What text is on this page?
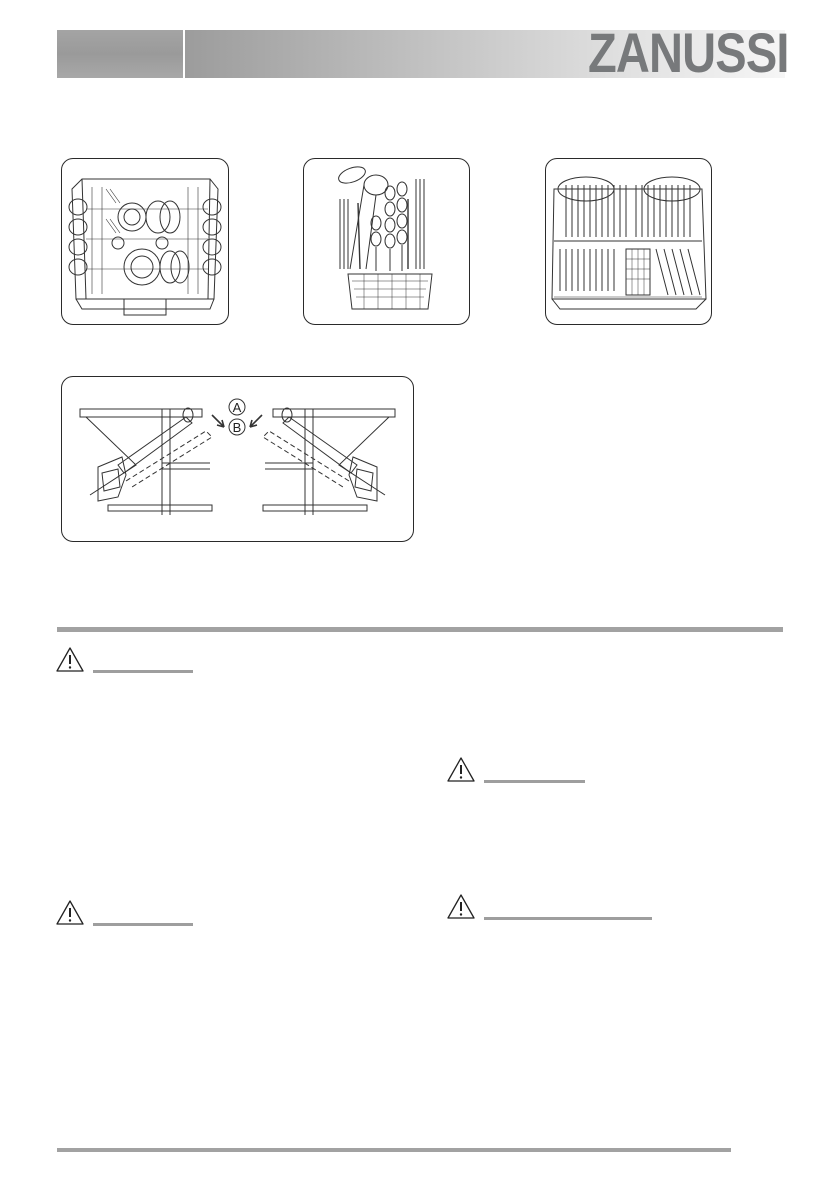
ZANUSSI
A
B
